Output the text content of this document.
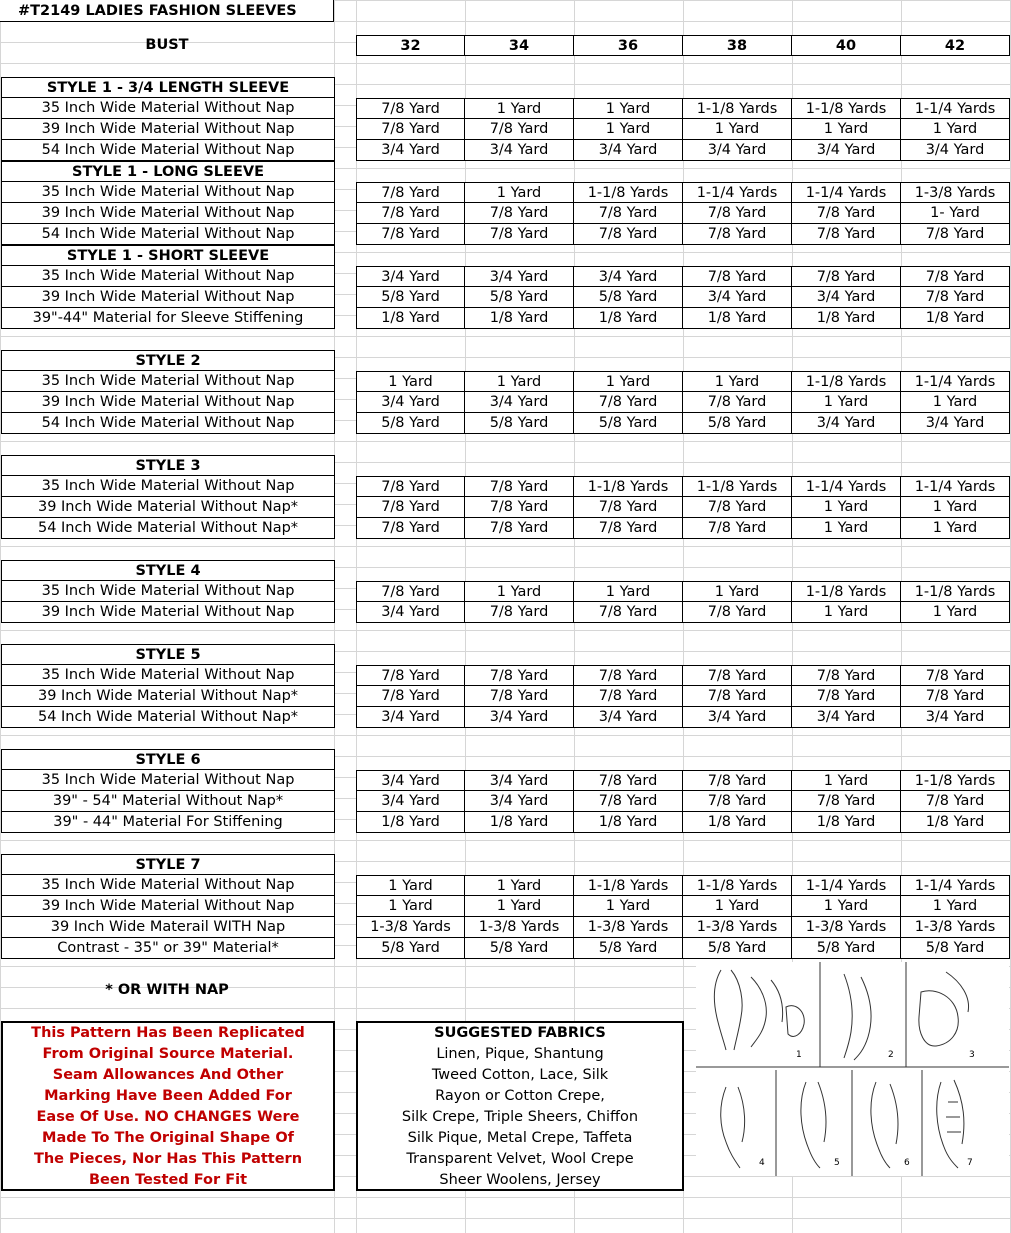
#T2149 LADIES FASHION SLEEVES
BUST	32	34	36	38	40	42
STYLE 1 - 3/4 LENGTH SLEEVE
35 Inch Wide Material Without Nap	7/8 Yard	1 Yard	1 Yard	1-1/8 Yards	1-1/8 Yards	1-1/4 Yards
39 Inch Wide Material Without Nap	7/8 Yard	7/8 Yard	1 Yard	1 Yard	1 Yard	1 Yard
54 Inch Wide Material Without Nap	3/4 Yard	3/4 Yard	3/4 Yard	3/4 Yard	3/4 Yard	3/4 Yard
STYLE 1 - LONG SLEEVE
35 Inch Wide Material Without Nap	7/8 Yard	1 Yard	1-1/8 Yards	1-1/4 Yards	1-1/4 Yards	1-3/8 Yards
39 Inch Wide Material Without Nap	7/8 Yard	7/8 Yard	7/8 Yard	7/8 Yard	7/8 Yard	1- Yard
54 Inch Wide Material Without Nap	7/8 Yard	7/8 Yard	7/8 Yard	7/8 Yard	7/8 Yard	7/8 Yard
STYLE 1 - SHORT SLEEVE
35 Inch Wide Material Without Nap	3/4 Yard	3/4 Yard	3/4 Yard	7/8 Yard	7/8 Yard	7/8 Yard
39 Inch Wide Material Without Nap	5/8 Yard	5/8 Yard	5/8 Yard	3/4 Yard	3/4 Yard	7/8 Yard
39"-44" Material for Sleeve Stiffening	1/8 Yard	1/8 Yard	1/8 Yard	1/8 Yard	1/8 Yard	1/8 Yard
STYLE 2
35 Inch Wide Material Without Nap	1 Yard	1 Yard	1 Yard	1 Yard	1-1/8 Yards	1-1/4 Yards
39 Inch Wide Material Without Nap	3/4 Yard	3/4 Yard	7/8 Yard	7/8 Yard	1 Yard	1 Yard
54 Inch Wide Material Without Nap	5/8 Yard	5/8 Yard	5/8 Yard	5/8 Yard	3/4 Yard	3/4 Yard
STYLE 3
35 Inch Wide Material Without Nap	7/8 Yard	7/8 Yard	1-1/8 Yards	1-1/8 Yards	1-1/4 Yards	1-1/4 Yards
39 Inch Wide Material Without Nap*	7/8 Yard	7/8 Yard	7/8 Yard	7/8 Yard	1 Yard	1 Yard
54 Inch Wide Material Without Nap*	7/8 Yard	7/8 Yard	7/8 Yard	7/8 Yard	1 Yard	1 Yard
STYLE 4
35 Inch Wide Material Without Nap	7/8 Yard	1 Yard	1 Yard	1 Yard	1-1/8 Yards	1-1/8 Yards
39 Inch Wide Material Without Nap	3/4 Yard	7/8 Yard	7/8 Yard	7/8 Yard	1 Yard	1 Yard
STYLE 5
35 Inch Wide Material Without Nap	7/8 Yard	7/8 Yard	7/8 Yard	7/8 Yard	7/8 Yard	7/8 Yard
39 Inch Wide Material Without Nap*	7/8 Yard	7/8 Yard	7/8 Yard	7/8 Yard	7/8 Yard	7/8 Yard
54 Inch Wide Material Without Nap*	3/4 Yard	3/4 Yard	3/4 Yard	3/4 Yard	3/4 Yard	3/4 Yard
STYLE 6
35 Inch Wide Material Without Nap	3/4 Yard	3/4 Yard	7/8 Yard	7/8 Yard	1 Yard	1-1/8 Yards
39" - 54" Material Without Nap*	3/4 Yard	3/4 Yard	7/8 Yard	7/8 Yard	7/8 Yard	7/8 Yard
39" - 44" Material For Stiffening	1/8 Yard	1/8 Yard	1/8 Yard	1/8 Yard	1/8 Yard	1/8 Yard
STYLE 7
35 Inch Wide Material Without Nap	1 Yard	1 Yard	1-1/8 Yards	1-1/8 Yards	1-1/4 Yards	1-1/4 Yards
39 Inch Wide Material Without Nap	1 Yard	1 Yard	1 Yard	1 Yard	1 Yard	1 Yard
39 Inch Wide Materail WITH Nap	1-3/8 Yards	1-3/8 Yards	1-3/8 Yards	1-3/8 Yards	1-3/8 Yards	1-3/8 Yards
Contrast - 35" or 39" Material*	5/8 Yard	5/8 Yard	5/8 Yard	5/8 Yard	5/8 Yard	5/8 Yard
* OR WITH NAP
This Pattern Has Been Replicated
From Original Source Material.
Seam Allowances And Other
Marking Have Been Added For
Ease Of Use. NO CHANGES Were
Made To The Original Shape Of
The Pieces, Nor Has This Pattern
Been Tested For Fit
SUGGESTED FABRICS
Linen, Pique, Shantung
Tweed Cotton, Lace, Silk
Rayon or Cotton Crepe,
Silk Crepe, Triple Sheers, Chiffon
Silk Pique, Metal Crepe, Taffeta
Transparent Velvet, Wool Crepe
Sheer Woolens, Jersey
1	2	3
4	5	6	7
